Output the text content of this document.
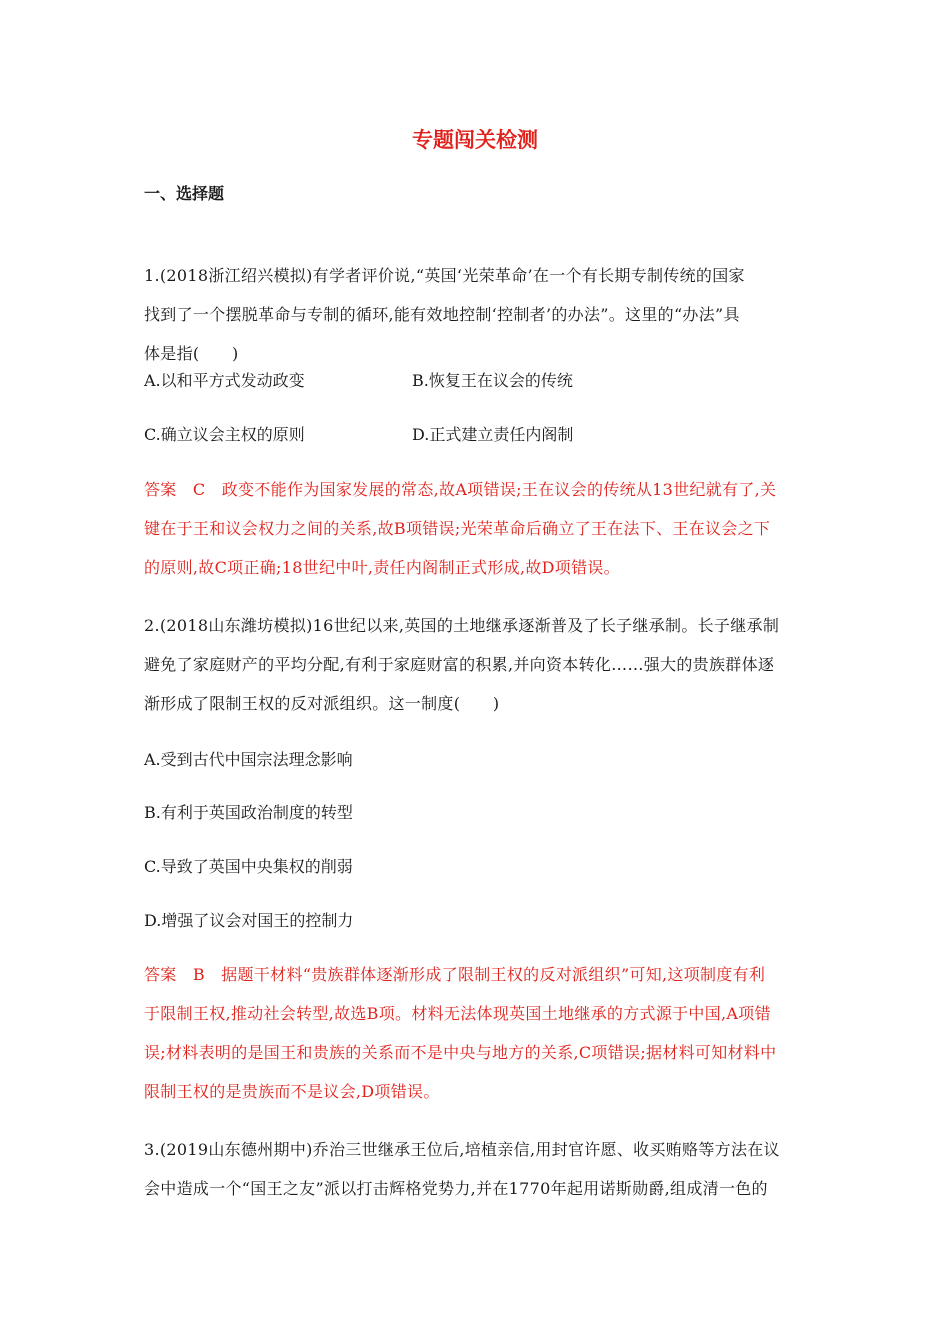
专题闯关检测
一、选择题
1.(2018浙江绍兴模拟)有学者评价说,“英国‘光荣革命’在一个有长期专制传统的国家
找到了一个摆脱革命与专制的循环,能有效地控制‘控制者’的办法”。这里的“办法”具
体是指(　　)
A.以和平方式发动政变	B.恢复王在议会的传统
C.确立议会主权的原则	D.正式建立责任内阁制
答案　C　政变不能作为国家发展的常态,故A项错误;王在议会的传统从13世纪就有了,关
键在于王和议会权力之间的关系,故B项错误;光荣革命后确立了王在法下、王在议会之下
的原则,故C项正确;18世纪中叶,责任内阁制正式形成,故D项错误。
2.(2018山东潍坊模拟)16世纪以来,英国的土地继承逐渐普及了长子继承制。长子继承制
避免了家庭财产的平均分配,有利于家庭财富的积累,并向资本转化……强大的贵族群体逐
渐形成了限制王权的反对派组织。这一制度(　　)
A.受到古代中国宗法理念影响
B.有利于英国政治制度的转型
C.导致了英国中央集权的削弱
D.增强了议会对国王的控制力
答案　B　据题干材料“贵族群体逐渐形成了限制王权的反对派组织”可知,这项制度有利
于限制王权,推动社会转型,故选B项。材料无法体现英国土地继承的方式源于中国,A项错
误;材料表明的是国王和贵族的关系而不是中央与地方的关系,C项错误;据材料可知材料中
限制王权的是贵族而不是议会,D项错误。
3.(2019山东德州期中)乔治三世继承王位后,培植亲信,用封官许愿、收买贿赂等方法在议
会中造成一个“国王之友”派以打击辉格党势力,并在1770年起用诺斯勋爵,组成清一色的
